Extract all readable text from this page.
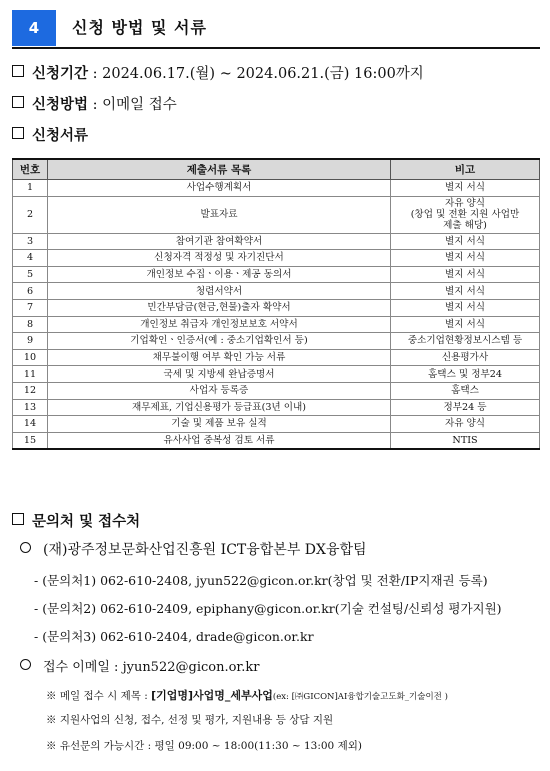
4	신청 방법 및 서류
신청기간 : 2024.06.17.(월) ~ 2024.06.21.(금) 16:00까지
신청방법 : 이메일 접수
신청서류
번호	제출서류 목록	비고
1	사업수행계획서	별지 서식
2	발표자료	자유 양식
(창업 및 전환 지원 사업만
제출 해당)

3	참여기관 참여확약서	별지 서식
4	신청자격 적정성 및 자기진단서	별지 서식
5	개인정보 수집ㆍ이용ㆍ제공 동의서	별지 서식
6	청렴서약서	별지 서식
7	민간부담금(현금,현물)출자 확약서	별지 서식
8	개인정보 취급자 개인정보보호 서약서	별지 서식
9	기업확인ㆍ인증서(예 : 중소기업확인서 등)	중소기업현황정보시스템 등
10	채무불이행 여부 확인 가능 서류	신용평가사
11	국세 및 지방세 완납증명서	홈택스 및 정부24
12	사업자 등록증	홈택스
13	재무제표, 기업신용평가 등급표(3년 이내)	정부24 등
14	기술 및 제품 보유 실적	자유 양식
15	유사사업 중복성 검토 서류	NTIS
문의처 및 접수처
(재)광주정보문화산업진흥원 ICT융합본부 DX융합팀
- (문의처1) 062-610-2408, jyun522@gicon.or.kr(창업 및 전환/IP지재권 등록)
- (문의처2) 062-610-2409, epiphany@gicon.or.kr(기술 컨설팅/신뢰성 평가지원)
- (문의처3) 062-610-2404, drade@gicon.or.kr
접수 이메일 : jyun522@gicon.or.kr
※ 메일 접수 시 제목 : [기업명]사업명_세부사업(ex: [㈜GICON]AI융합기술고도화_기술이전 )
※ 지원사업의 신청, 접수, 선정 및 평가, 지원내용 등 상담 지원
※ 유선문의 가능시간 : 평일 09:00 ~ 18:00(11:30 ~ 13:00 제외)
